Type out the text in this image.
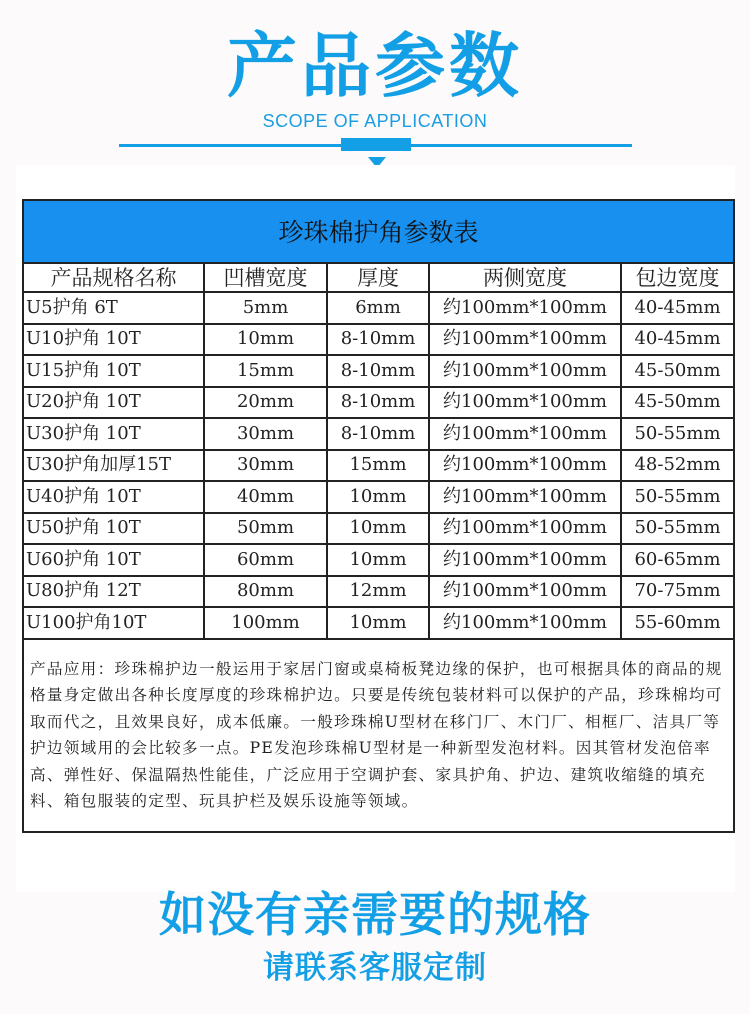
产品参数
SCOPE OF APPLICATION
珍珠棉护角参数表
产品规格名称	凹槽宽度	厚度	两侧宽度	包边宽度
U5护角 6T	5mm	6mm	约100mm*100mm	40-45mm
U10护角 10T	10mm	8-10mm	约100mm*100mm	40-45mm
U15护角 10T	15mm	8-10mm	约100mm*100mm	45-50mm
U20护角 10T	20mm	8-10mm	约100mm*100mm	45-50mm
U30护角 10T	30mm	8-10mm	约100mm*100mm	50-55mm
U30护角加厚15T	30mm	15mm	约100mm*100mm	48-52mm
U40护角 10T	40mm	10mm	约100mm*100mm	50-55mm
U50护角 10T	50mm	10mm	约100mm*100mm	50-55mm
U60护角 10T	60mm	10mm	约100mm*100mm	60-65mm
U80护角 12T	80mm	12mm	约100mm*100mm	70-75mm
U100护角10T	100mm	10mm	约100mm*100mm	55-60mm
产品应用：珍珠棉护边一般运用于家居门窗或桌椅板凳边缘的保护，也可根据具体的商品的规格量身定做出各种长度厚度的珍珠棉护边。只要是传统包装材料可以保护的产品，珍珠棉均可取而代之，且效果良好，成本低廉。一般珍珠棉U型材在移门厂、木门厂、相框厂、洁具厂等护边领域用的会比较多一点。PE发泡珍珠棉U型材是一种新型发泡材料。因其管材发泡倍率高、弹性好、保温隔热性能佳，广泛应用于空调护套、家具护角、护边、建筑收缩缝的填充料、箱包服装的定型、玩具护栏及娱乐设施等领域。				
如没有亲需要的规格
请联系客服定制
